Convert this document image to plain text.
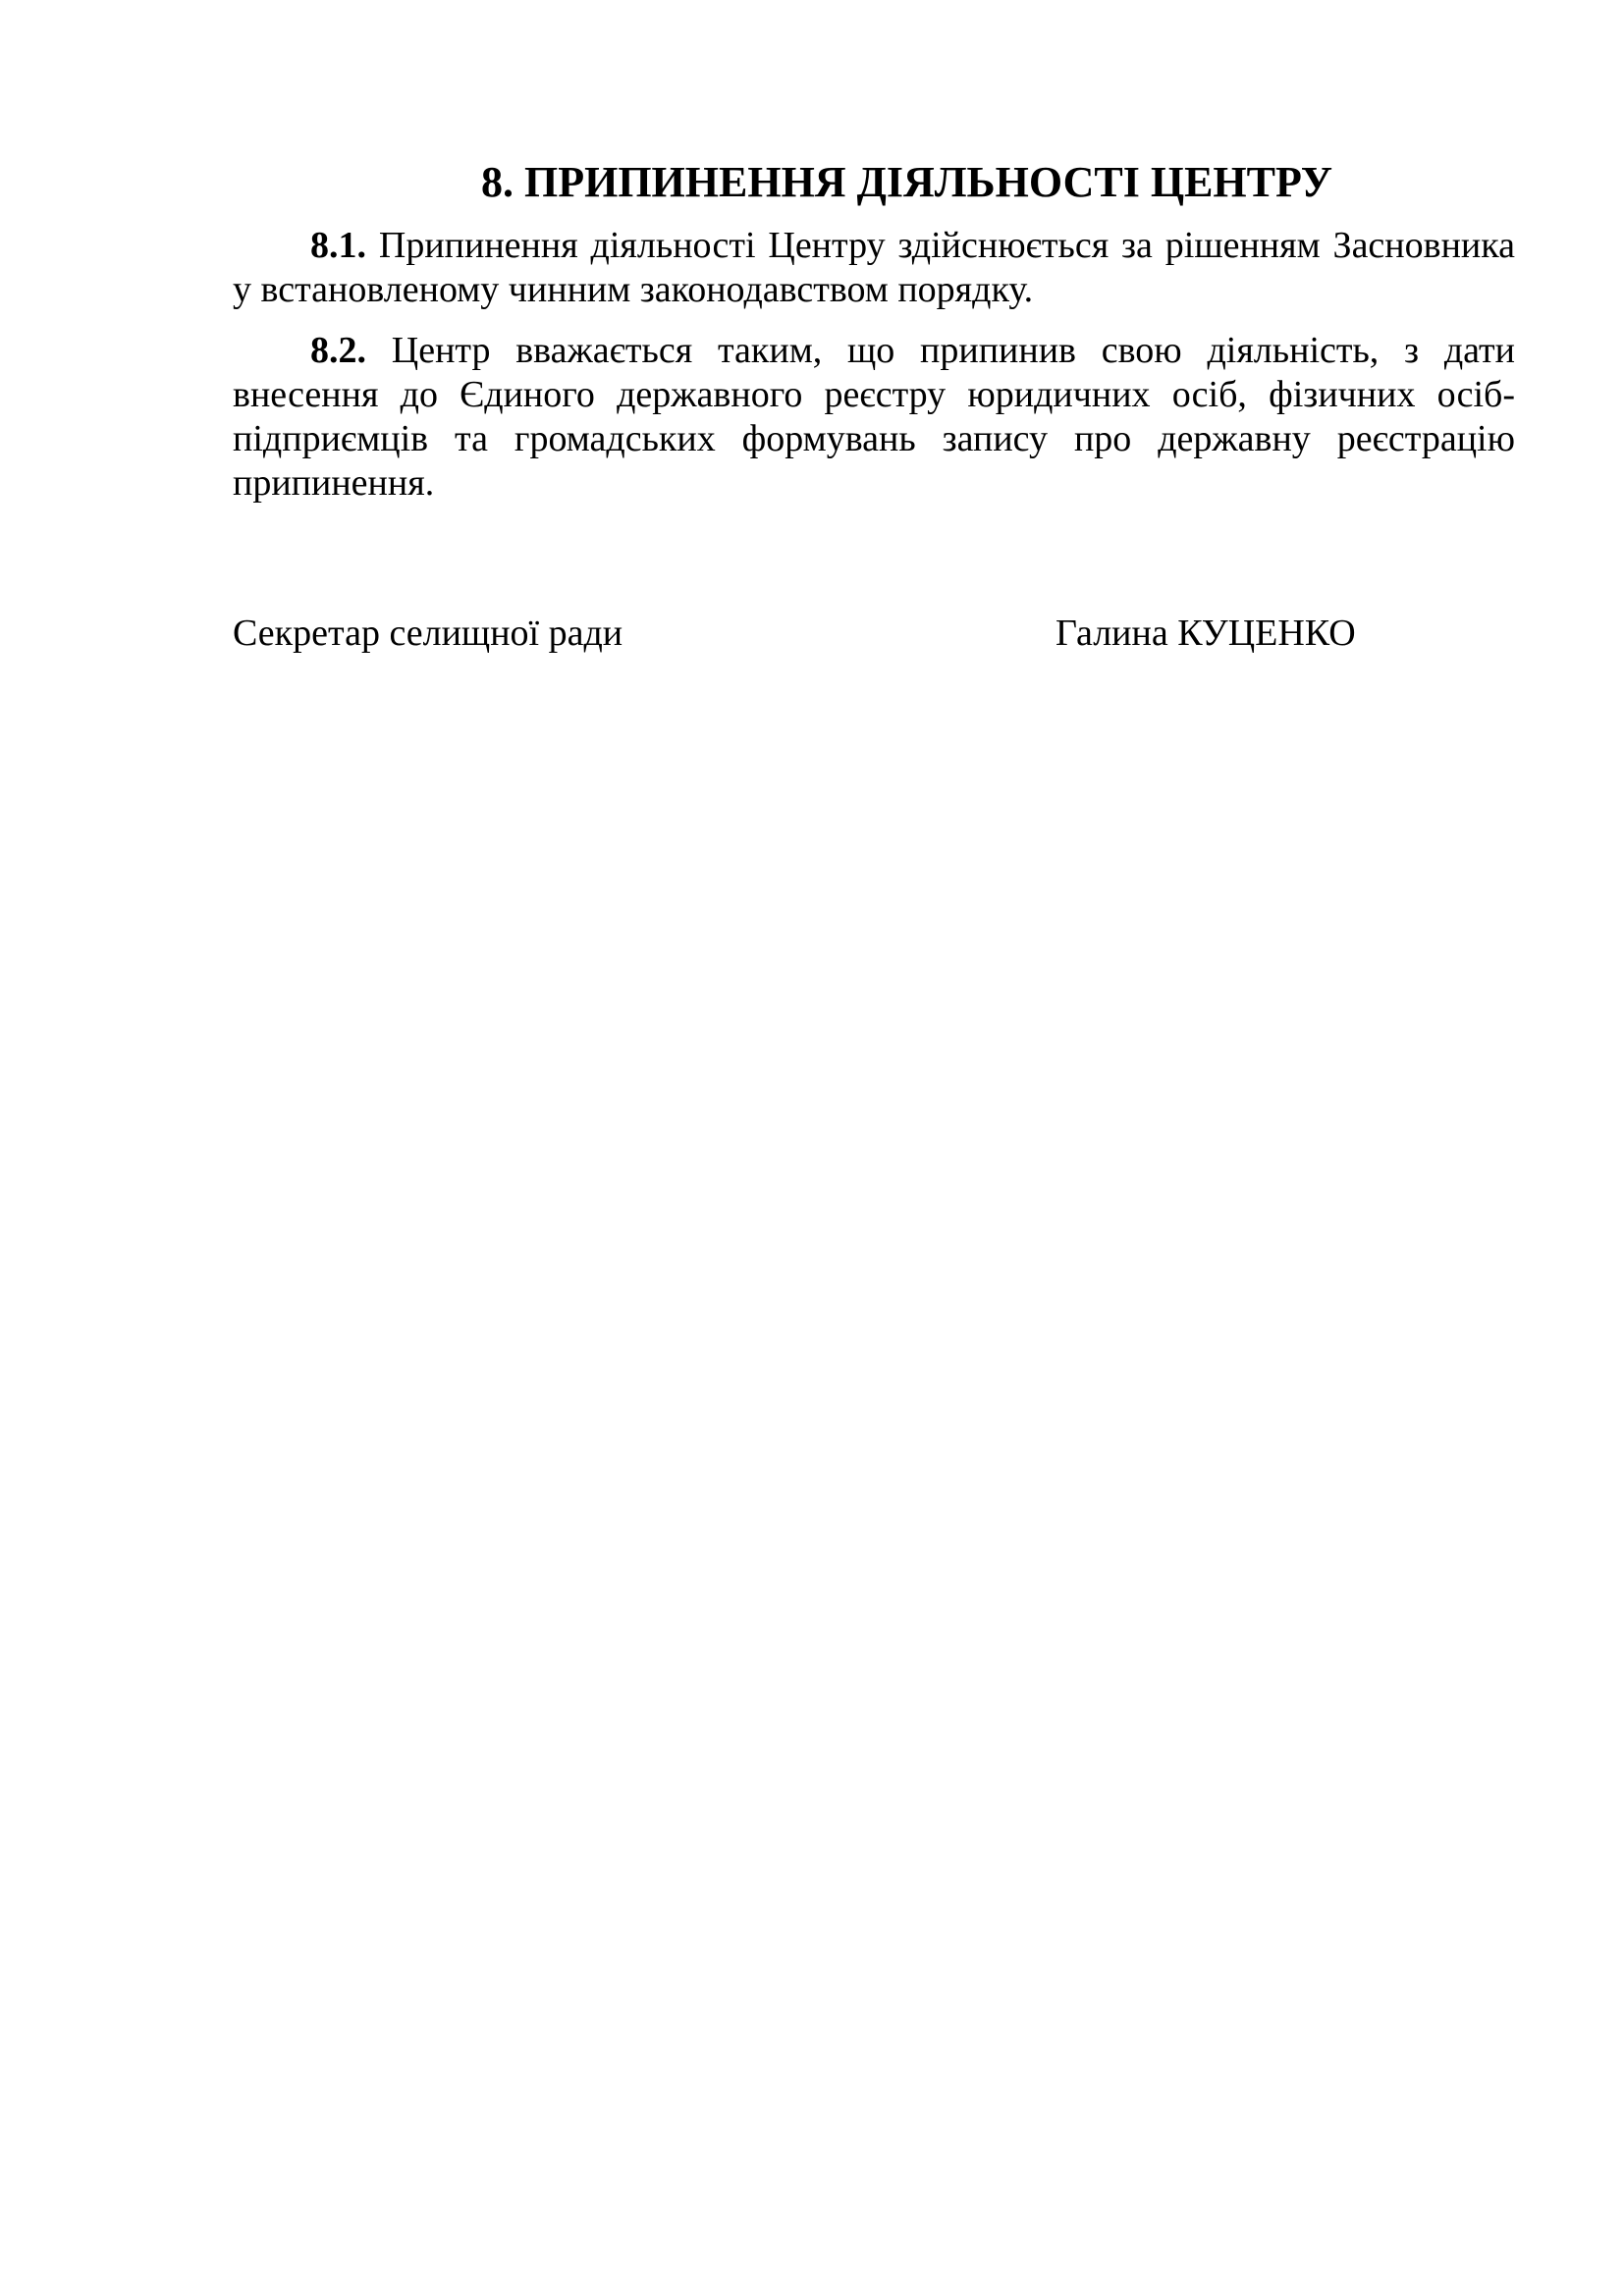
8. ПРИПИНЕННЯ ДІЯЛЬНОСТІ ЦЕНТРУ

8.1. Припинення діяльності Центру здійснюється за рішенням Засновника у встановленому чинним законодавством порядку.

8.2. Центр вважається таким, що припинив свою діяльність, з дати внесення до Єдиного державного реєстру юридичних осіб, фізичних осіб-підприємців та громадських формувань запису про державну реєстрацію припинення.

Секретар селищної ради	Галина КУЦЕНКО
